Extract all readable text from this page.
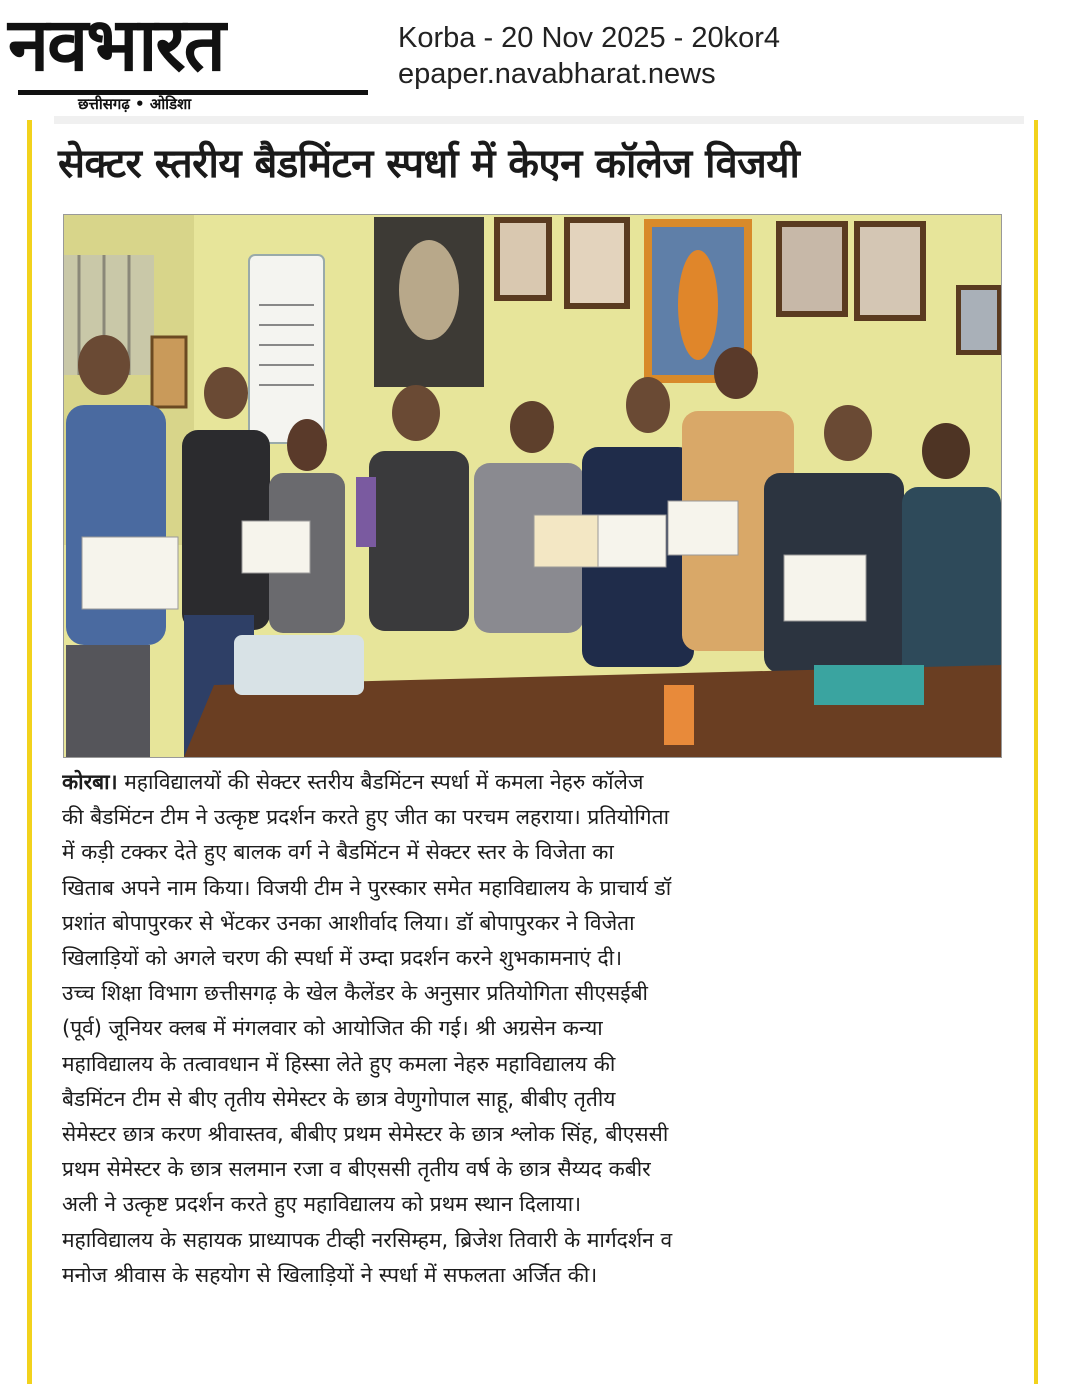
नवभारत
छत्तीसगढ़ • ओडिशा
Korba - 20 Nov 2025 - 20kor4
epaper.navabharat.news
सेक्टर स्तरीय बैडमिंटन स्पर्धा में केएन कॉलेज विजयी
कोरबा। महाविद्यालयों की सेक्टर स्तरीय बैडमिंटन स्पर्धा में कमला नेहरु कॉलेज
की बैडमिंटन टीम ने उत्कृष्ट प्रदर्शन करते हुए जीत का परचम लहराया। प्रतियोगिता
में कड़ी टक्कर देते हुए बालक वर्ग ने बैडमिंटन में सेक्टर स्तर के विजेता का
खिताब अपने नाम किया। विजयी टीम ने पुरस्कार समेत महाविद्यालय के प्राचार्य डॉ
प्रशांत बोपापुरकर से भेंटकर उनका आशीर्वाद लिया। डॉ बोपापुरकर ने विजेता
खिलाड़ियों को अगले चरण की स्पर्धा में उम्दा प्रदर्शन करने शुभकामनाएं दी।
उच्च शिक्षा विभाग छत्तीसगढ़ के खेल कैलेंडर के अनुसार प्रतियोगिता सीएसईबी
(पूर्व) जूनियर क्लब में मंगलवार को आयोजित की गई। श्री अग्रसेन कन्या
महाविद्यालय के तत्वावधान में हिस्सा लेते हुए कमला नेहरु महाविद्यालय की
बैडमिंटन टीम से बीए तृतीय सेमेस्टर के छात्र वेणुगोपाल साहू, बीबीए तृतीय
सेमेस्टर छात्र करण श्रीवास्तव, बीबीए प्रथम सेमेस्टर के छात्र श्लोक सिंह, बीएससी
प्रथम सेमेस्टर के छात्र सलमान रजा व बीएससी तृतीय वर्ष के छात्र सैय्यद कबीर
अली ने उत्कृष्ट प्रदर्शन करते हुए महाविद्यालय को प्रथम स्थान दिलाया।
महाविद्यालय के सहायक प्राध्यापक टीव्ही नरसिम्हम, ब्रिजेश तिवारी के मार्गदर्शन व
मनोज श्रीवास के सहयोग से खिलाड़ियों ने स्पर्धा में सफलता अर्जित की।
